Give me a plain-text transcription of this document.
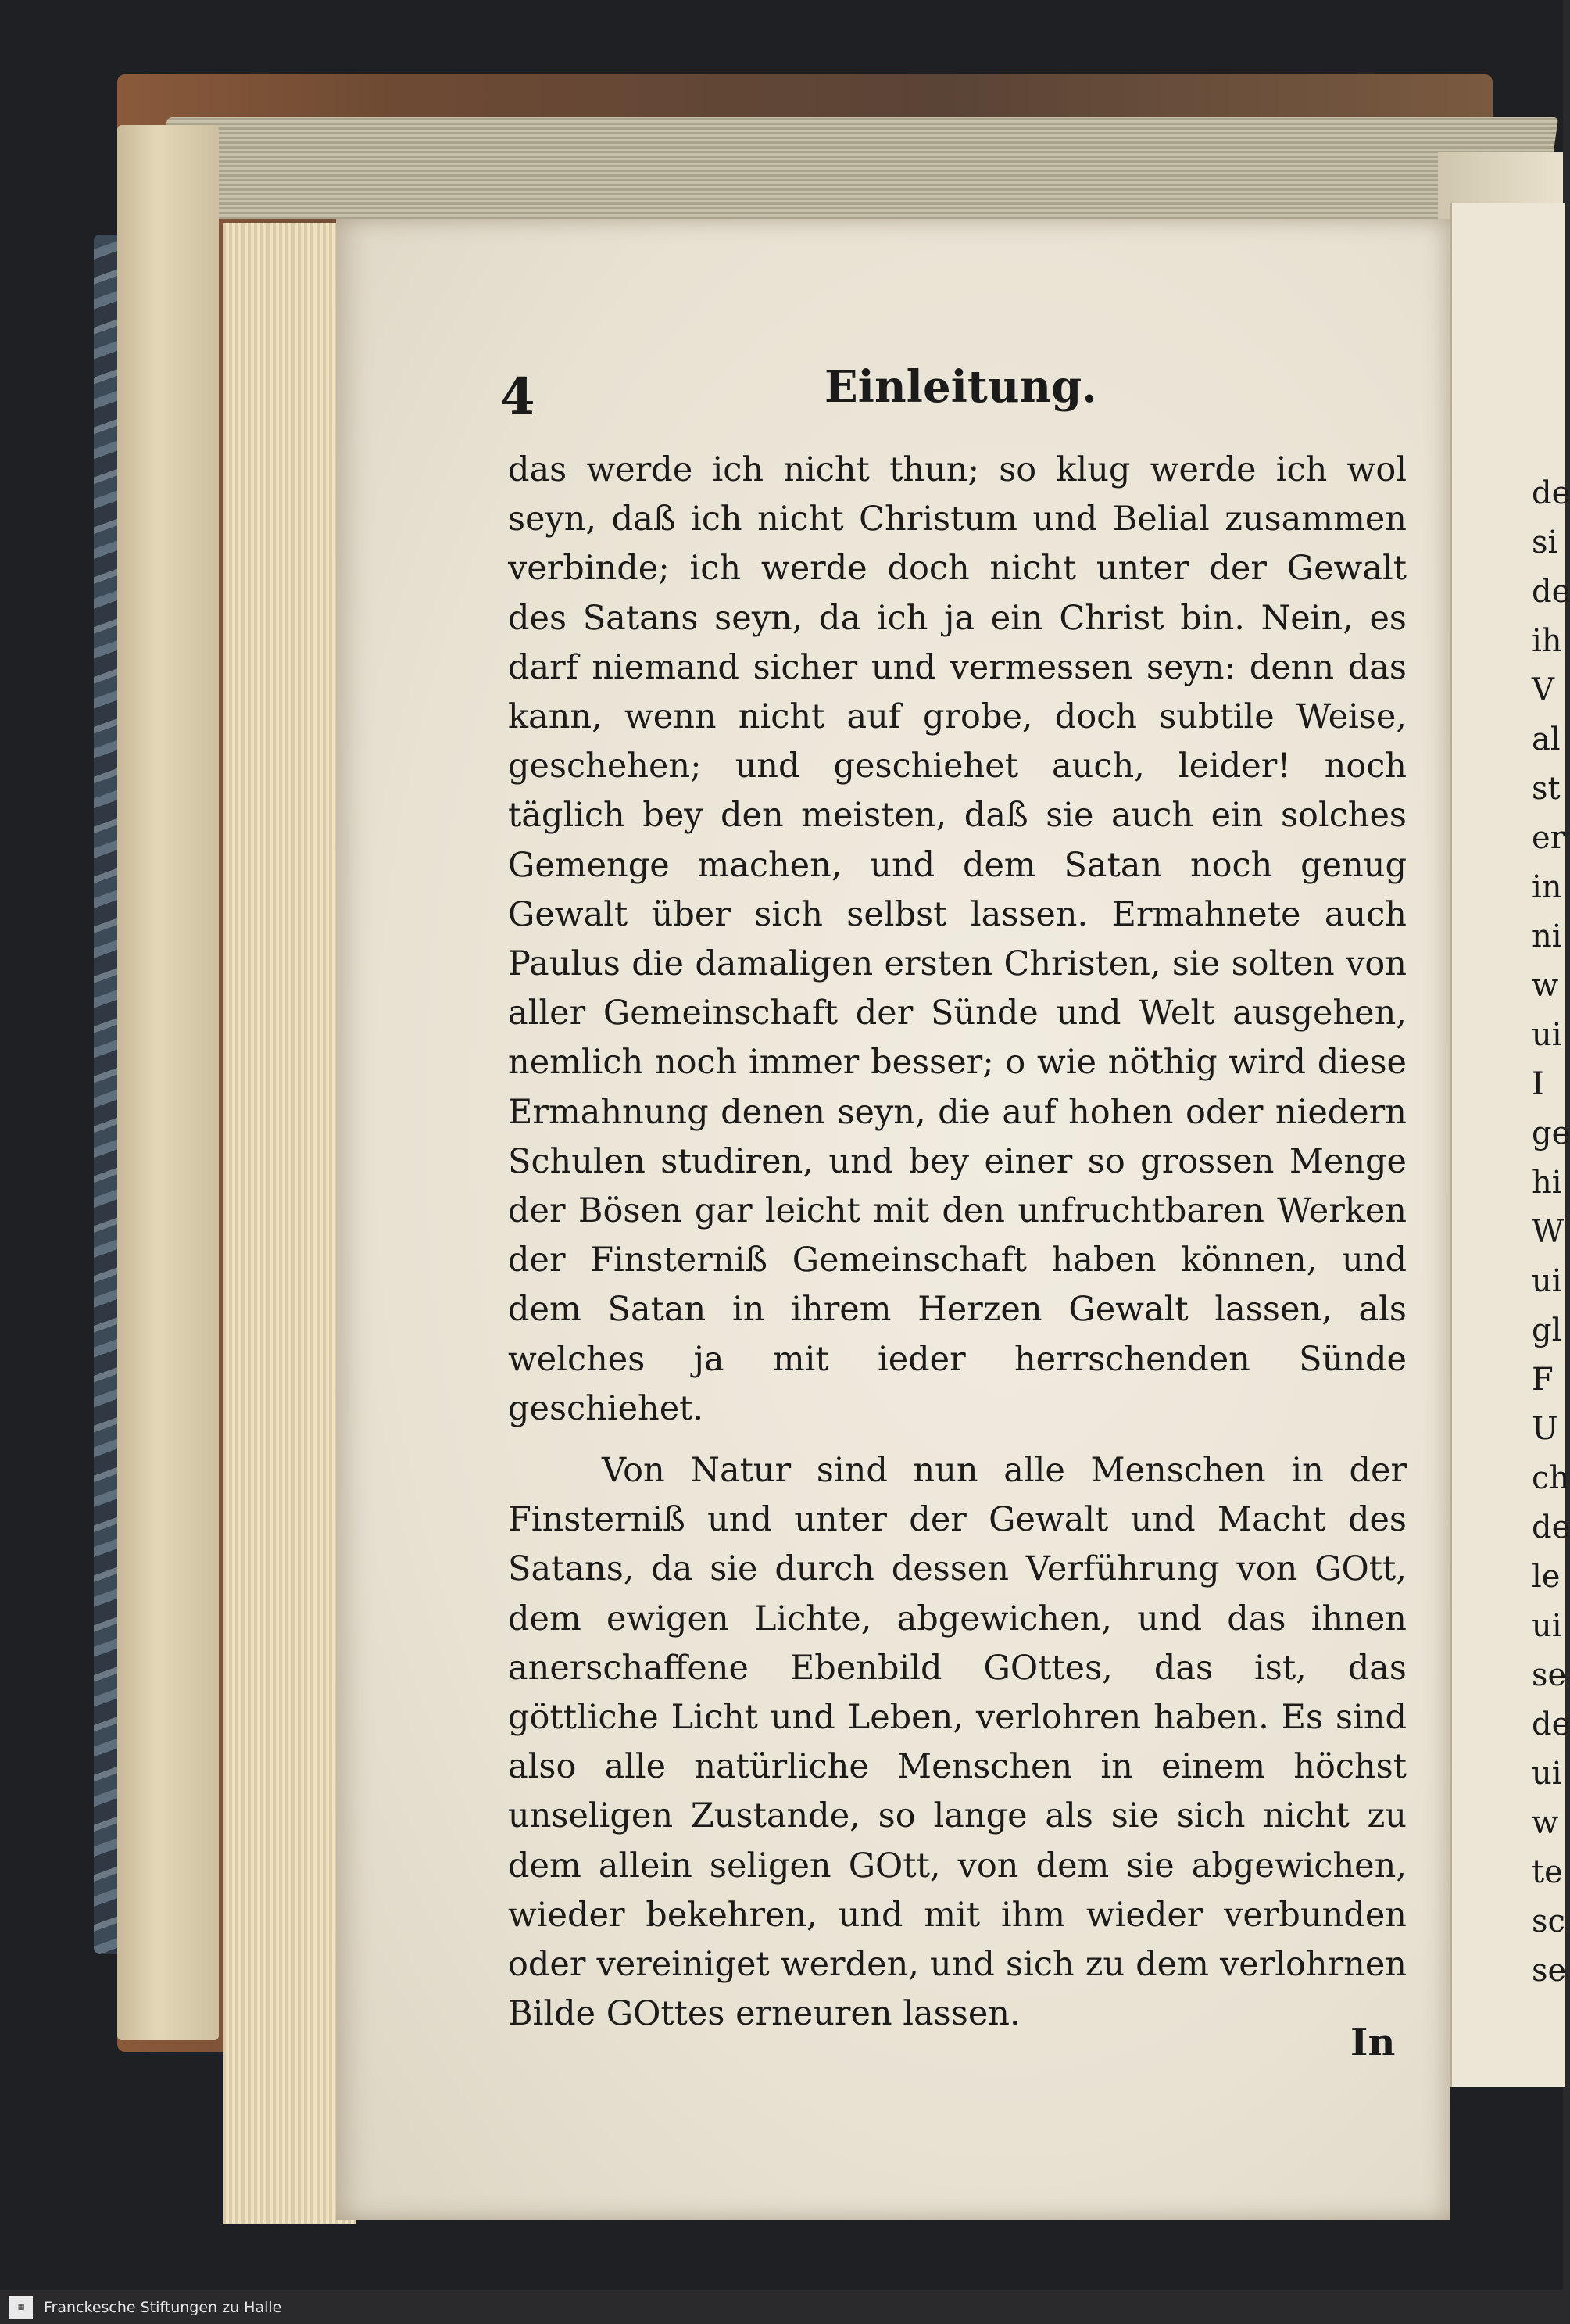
de
si
de
ih
V
al
st
er
in
ni
w
ui
I
ge
hi
W
ui
gl
F
U
ch
de
le
ui
se
de
ui
w
te
sc
se
4	Einleitung.

das werde ich nicht thun; so klug werde ich wol seyn, daß ich nicht Christum und Belial zusammen verbinde; ich werde doch nicht unter der Gewalt des Satans seyn, da ich ja ein Christ bin. Nein, es darf niemand sicher und vermessen seyn: denn das kann, wenn nicht auf grobe, doch subtile Weise, geschehen; und geschiehet auch, leider! noch täglich bey den meisten, daß sie auch ein solches Gemenge machen, und dem Satan noch genug Gewalt über sich selbst lassen. Ermahnete auch Paulus die damaligen ersten Christen, sie solten von aller Gemeinschaft der Sünde und Welt ausgehen, nemlich noch immer besser; o wie nöthig wird diese Ermahnung denen seyn, die auf hohen oder niedern Schulen studiren, und bey einer so grossen Menge der Bösen gar leicht mit den unfruchtbaren Werken der Finsterniß Gemeinschaft haben können, und dem Satan in ihrem Herzen Gewalt lassen, als welches ja mit ieder herrschenden Sünde geschiehet.

Von Natur sind nun alle Menschen in der Finsterniß und unter der Gewalt und Macht des Satans, da sie durch dessen Verführung von GOtt, dem ewigen Lichte, abgewichen, und das ihnen anerschaffene Ebenbild GOttes, das ist, das göttliche Licht und Leben, verlohren haben. Es sind also alle natürliche Menschen in einem höchst unseligen Zustande, so lange als sie sich nicht zu dem allein seligen GOtt, von dem sie abgewichen, wieder bekehren, und mit ihm wieder verbunden oder vereiniget werden, und sich zu dem verlohrnen Bilde GOttes erneuren lassen.

In
▦ Franckesche Stiftungen zu Halle
